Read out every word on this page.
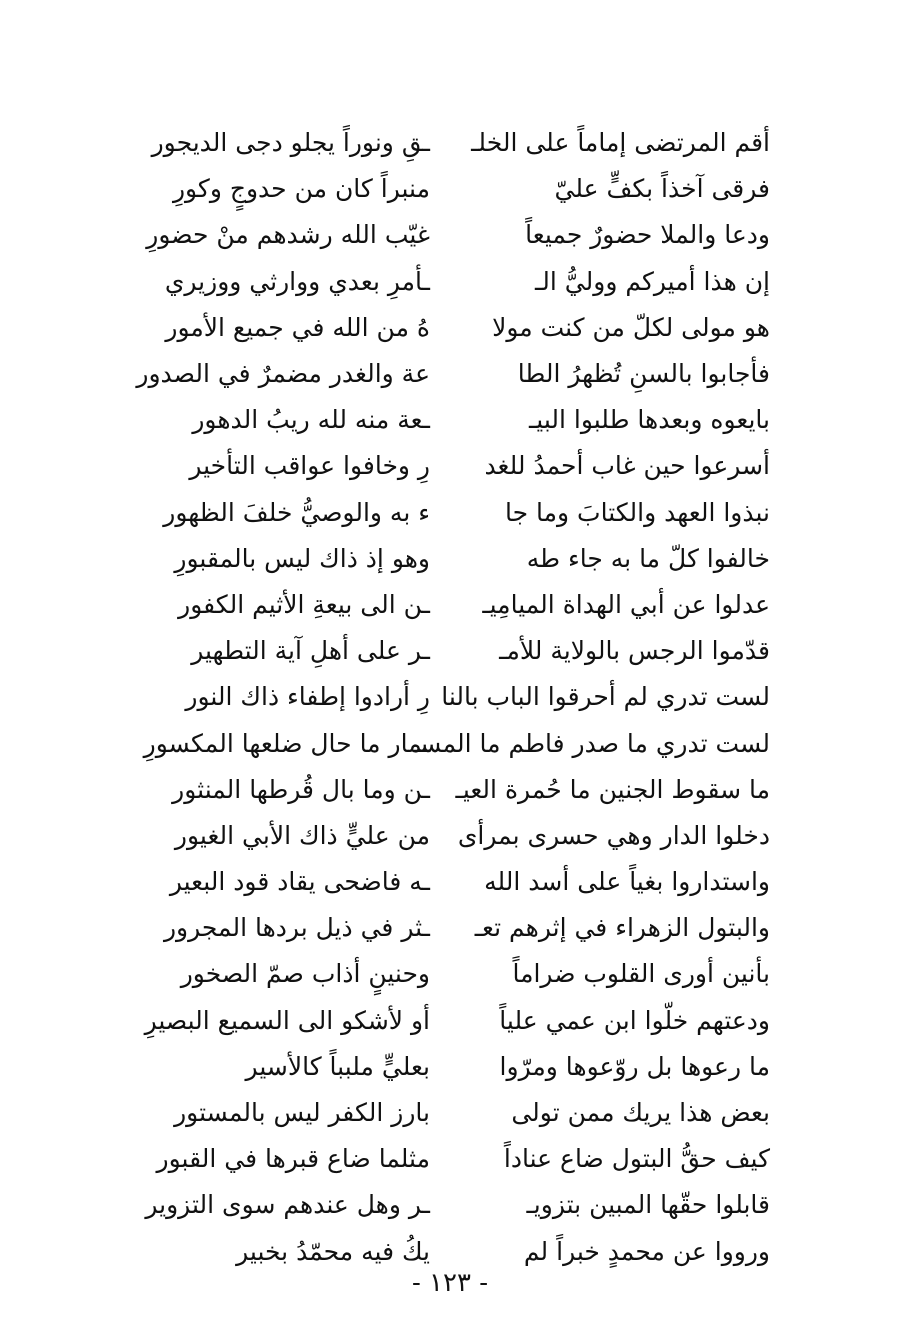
أقم المرتضى إماماً على الخلـ
ـقِ ونوراً يجلو دجى الديجور
فرقى آخذاً بكفٍّ عليّ
منبراً كان من حدوجٍ وكورِ
ودعا والملا حضورٌ جميعاً
غيّب الله رشدهم منْ حضورِ
إن هذا أميركم ووليُّ الـ
ـأمرِ بعدي ووارثي ووزيري
هو مولى لكلّ من كنت مولا
هُ من الله في جميع الأمور
فأجابوا بالسنِ تُظهرُ الطا
عة والغدر مضمرٌ في الصدور
بايعوه وبعدها طلبوا البيـ
ـعة منه لله ريبُ الدهور
أسرعوا حين غاب أحمدُ للغد
رِ وخافوا عواقب التأخير
نبذوا العهد والكتابَ وما جا
ء به والوصيُّ خلفَ الظهور
خالفوا كلّ ما به جاء طه
وهو إذ ذاك ليس بالمقبورِ
عدلوا عن أبي الهداة الميامِيـ
ـن الى بيعةِ الأثيم الكفور
قدّموا الرجس بالولاية للأمـ
ـر على أهلِ آية التطهير
لست تدري لم أحرقوا الباب بالنا
رِ أرادوا إطفاء ذاك النور
لست تدري ما صدر فاطم ما المسـ
ـمار ما حال ضلعها المكسورِ
ما سقوط الجنين ما حُمرة العيـ
ـن وما بال قُرطها المنثور
دخلوا الدار وهي حسرى بمرأى
من عليٍّ ذاك الأبي الغيور
واستداروا بغياً على أسد الله
ـه فاضحى يقاد قود البعير
والبتول الزهراء في إثرهم تعـ
ـثر في ذيل بردها المجرور
بأنين أورى القلوب ضراماً
وحنينٍ أذاب صمّ الصخور
ودعتهم خلّوا ابن عمي علياً
أو لأشكو الى السميع البصيرِ
ما رعوها بل روّعوها ومرّوا
بعليٍّ ملبباً كالأسير
بعض هذا يريك ممن تولى
بارز الكفر ليس بالمستور
كيف حقُّ البتول ضاع عناداً
مثلما ضاع قبرها في القبور
قابلوا حقّها المبين بتزويـ
ـر وهل عندهم سوى التزوير
ورووا عن محمدٍ خبراً لم
يكُ فيه محمّدُ بخبير
- ١٢٣ -
